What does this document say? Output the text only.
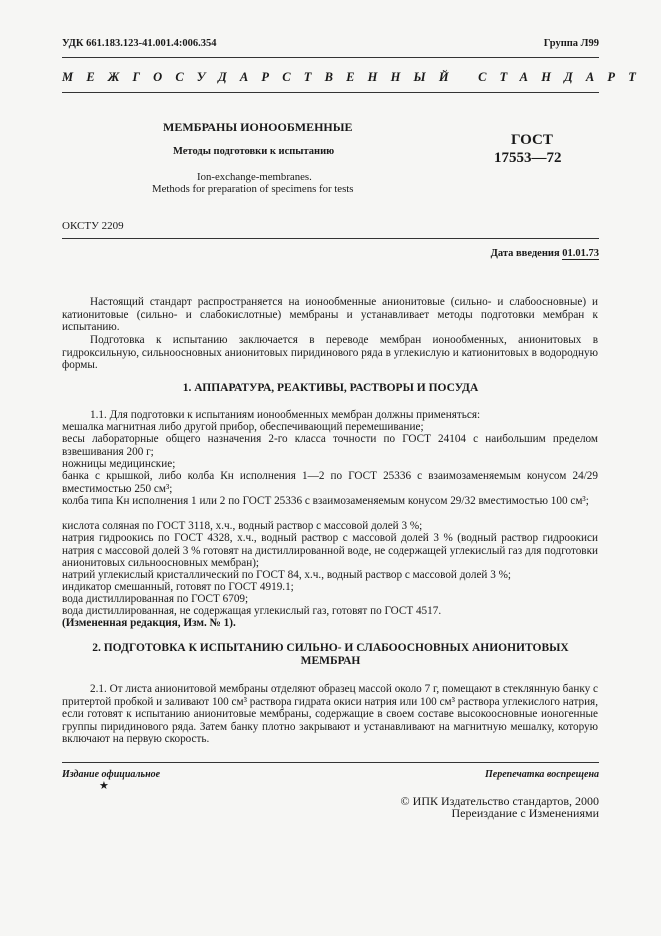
УДК 661.183.123-41.001.4:006.354	Группа Л99
МЕЖГОСУДАРСТВЕННЫЙ СТАНДАРТ
МЕМБРАНЫ ИОНООБМЕННЫЕ
Методы подготовки к испытанию
Ion-exchange-membranes.
Methods for preparation of specimens for tests
ГОСТ
17553—72
ОКСТУ 2209
Дата введения 01.01.73
Настоящий стандарт распространяется на ионообменные анионитовые (сильно- и слабоосновные) и катионитовые (сильно- и слабокислотные) мембраны и устанавливает методы подготовки мембран к испытанию.
Подготовка к испытанию заключается в переводе мембран ионообменных, анионитовых в гидроксильную, сильноосновных анионитовых пиридинового ряда в углекислую и катионитовых в водородную формы.
1. АППАРАТУРА, РЕАКТИВЫ, РАСТВОРЫ И ПОСУДА
1.1. Для подготовки к испытаниям ионообменных мембран должны применяться:
мешалка магнитная либо другой прибор, обеспечивающий перемешивание;
весы лабораторные общего назначения 2-го класса точности по ГОСТ 24104 с наибольшим пределом взвешивания 200 г;
ножницы медицинские;
банка с крышкой, либо колба Кн исполнения 1—2 по ГОСТ 25336 с взаимозаменяемым конусом 24/29 вместимостью 250 см³;
колба типа Кн исполнения 1 или 2 по ГОСТ 25336 с взаимозаменяемым конусом 29/32 вместимостью 100 см³;
кислота соляная по ГОСТ 3118, х.ч., водный раствор с массовой долей 3 %;
натрия гидроокись по ГОСТ 4328, х.ч., водный раствор с массовой долей 3 % (водный раствор гидроокиси натрия с массовой долей 3 % готовят на дистиллированной воде, не содержащей углекислый газ для подготовки анионитовых сильноосновных мембран);
натрий углекислый кристаллический по ГОСТ 84, х.ч., водный раствор с массовой долей 3 %;
индикатор смешанный, готовят по ГОСТ 4919.1;
вода дистиллированная по ГОСТ 6709;
вода дистиллированная, не содержащая углекислый газ, готовят по ГОСТ 4517.
(Измененная редакция, Изм. № 1).
2. ПОДГОТОВКА К ИСПЫТАНИЮ СИЛЬНО- И СЛАБООСНОВНЫХ АНИОНИТОВЫХ
МЕМБРАН
2.1. От листа анионитовой мембраны отделяют образец массой около 7 г, помещают в стеклянную банку с притертой пробкой и заливают 100 см³ раствора гидрата окиси натрия или 100 см³ раствора углекислого натрия, если готовят к испытанию анионитовые мембраны, содержащие в своем составе высокоосновные ионогенные группы пиридинового ряда. Затем банку плотно закрывают и устанавливают на магнитную мешалку, которую включают на первую скорость.
Издание официальное
★
Перепечатка воспрещена
© ИПК Издательство стандартов, 2000
Переиздание с Изменениями
